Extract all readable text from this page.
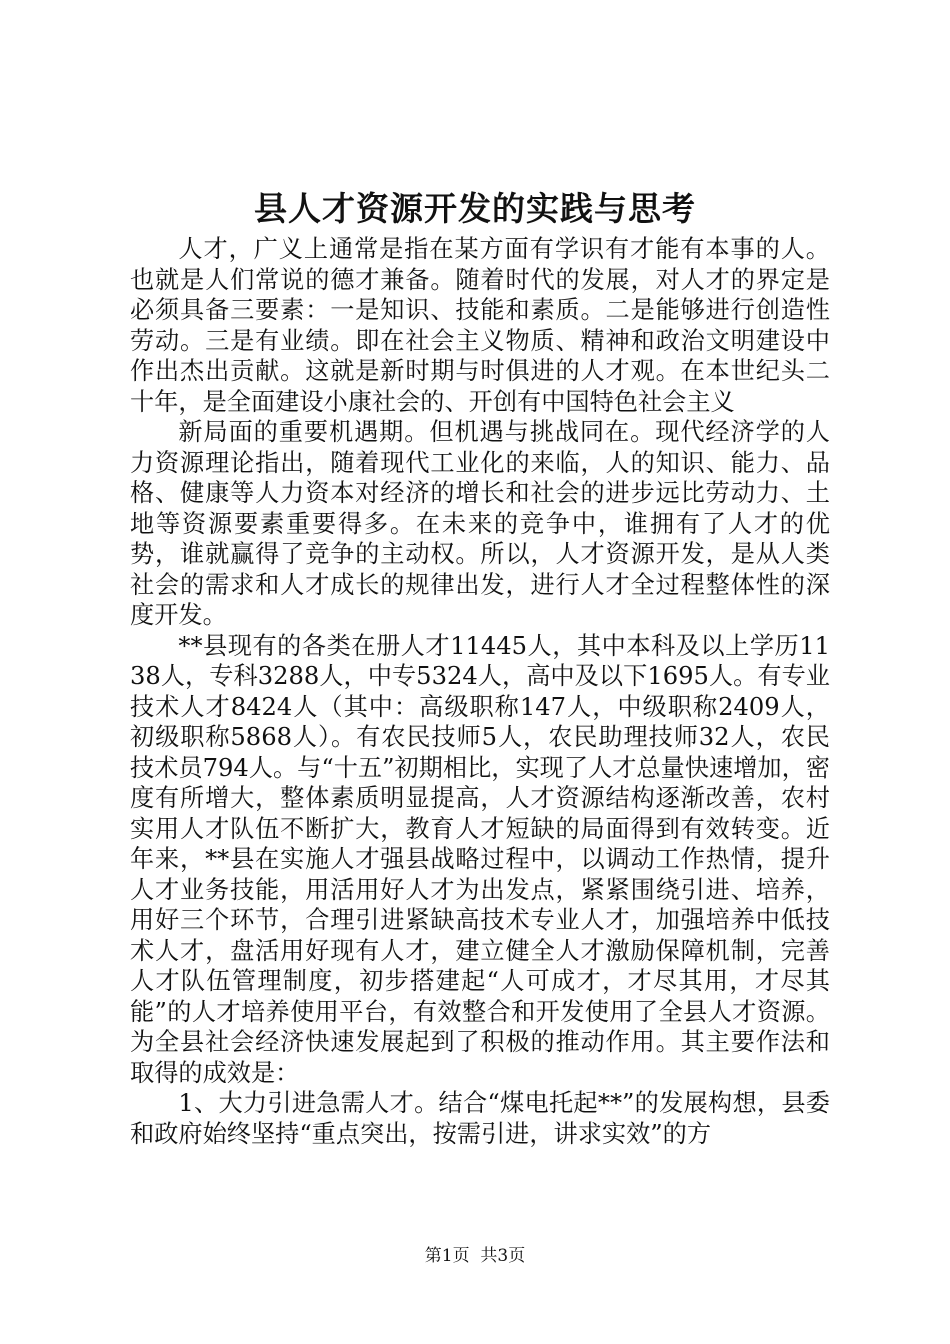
县人才资源开发的实践与思考

人才，广义上通常是指在某方面有学识有才能有本事的人。也就是人们常说的德才兼备。随着时代的发展，对人才的界定是必须具备三要素：一是知识、技能和素质。二是能够进行创造性劳动。三是有业绩。即在社会主义物质、精神和政治文明建设中作出杰出贡献。这就是新时期与时俱进的人才观。在本世纪头二十年，是全面建设小康社会的、开创有中国特色社会主义

新局面的重要机遇期。但机遇与挑战同在。现代经济学的人力资源理论指出，随着现代工业化的来临，人的知识、能力、品格、健康等人力资本对经济的增长和社会的进步远比劳动力、土地等资源要素重要得多。在未来的竞争中，谁拥有了人才的优势，谁就赢得了竞争的主动权。所以，人才资源开发，是从人类社会的需求和人才成长的规律出发，进行人才全过程整体性的深度开发。

**县现有的各类在册人才11445人，其中本科及以上学历1138人，专科3288人，中专5324人，高中及以下1695人。有专业技术人才8424人（其中：高级职称147人，中级职称2409人，初级职称5868人）。有农民技师5人，农民助理技师32人，农民技术员794人。与“十五”初期相比，实现了人才总量快速增加，密度有所增大，整体素质明显提高，人才资源结构逐渐改善，农村实用人才队伍不断扩大，教育人才短缺的局面得到有效转变。近年来，**县在实施人才强县战略过程中，以调动工作热情，提升人才业务技能，用活用好人才为出发点，紧紧围绕引进、培养，用好三个环节，合理引进紧缺高技术专业人才，加强培养中低技术人才，盘活用好现有人才，建立健全人才激励保障机制，完善人才队伍管理制度，初步搭建起“人可成才，才尽其用，才尽其能”的人才培养使用平台，有效整合和开发使用了全县人才资源。为全县社会经济快速发展起到了积极的推动作用。其主要作法和取得的成效是：

1、大力引进急需人才。结合“煤电托起**”的发展构想，县委和政府始终坚持“重点突出，按需引进，讲求实效”的方

第1页  共3页
